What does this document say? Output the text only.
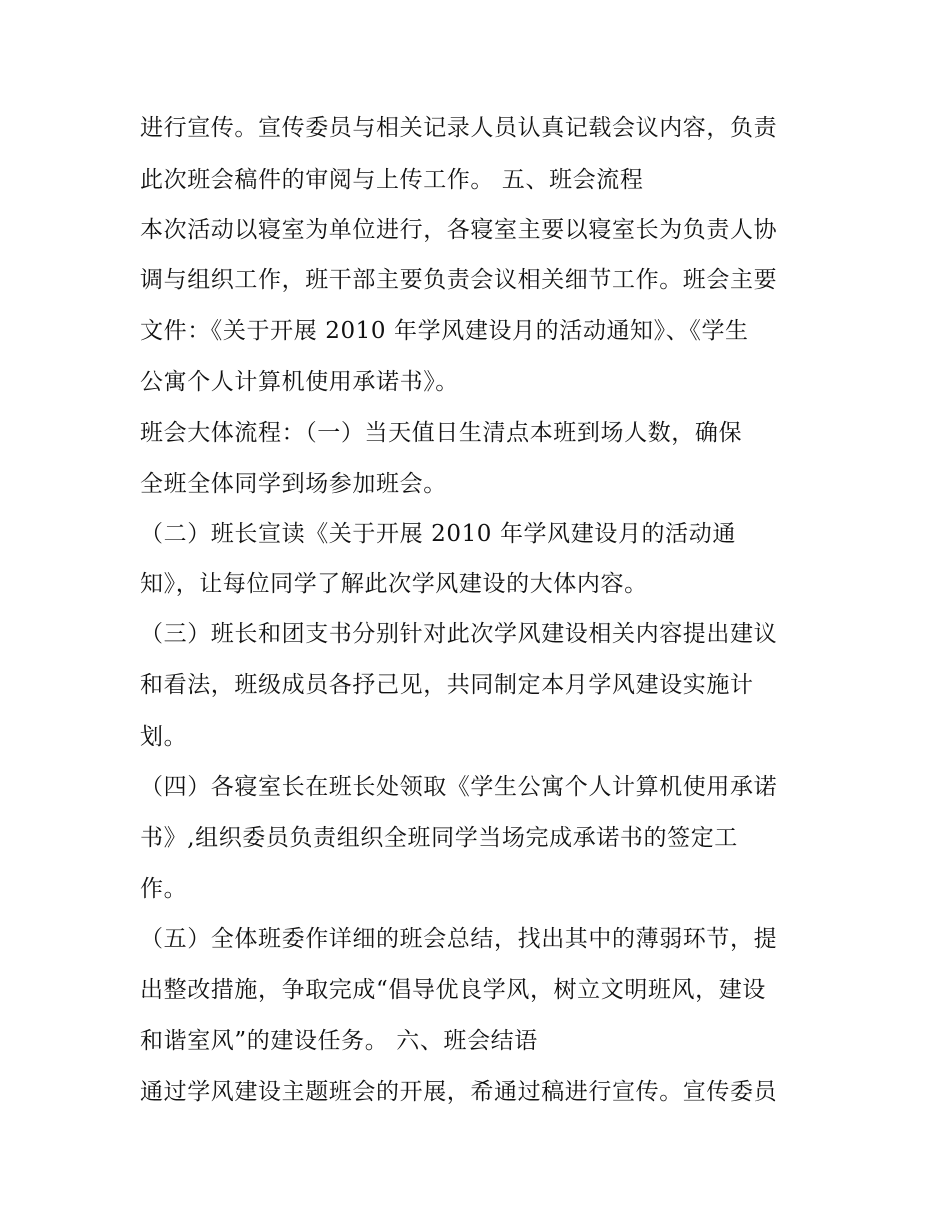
进行宣传。宣传委员与相关记录人员认真记载会议内容，负责
此次班会稿件的审阅与上传工作。 五、班会流程
本次活动以寝室为单位进行，各寝室主要以寝室长为负责人协
调与组织工作，班干部主要负责会议相关细节工作。班会主要
文件：《关于开展 2010 年学风建设月的活动通知》、《学生
公寓个人计算机使用承诺书》。
班会大体流程：（一）当天值日生清点本班到场人数，确保
全班全体同学到场参加班会。
（二）班长宣读《关于开展 2010 年学风建设月的活动通
知》，让每位同学了解此次学风建设的大体内容。
（三）班长和团支书分别针对此次学风建设相关内容提出建议
和看法，班级成员各抒己见，共同制定本月学风建设实施计
划。
（四）各寝室长在班长处领取《学生公寓个人计算机使用承诺
书》,组织委员负责组织全班同学当场完成承诺书的签定工
作。
（五）全体班委作详细的班会总结，找出其中的薄弱环节，提
出整改措施，争取完成“倡导优良学风，树立文明班风，建设
和谐室风”的建设任务。 六、班会结语
通过学风建设主题班会的开展，希通过稿进行宣传。宣传委员
